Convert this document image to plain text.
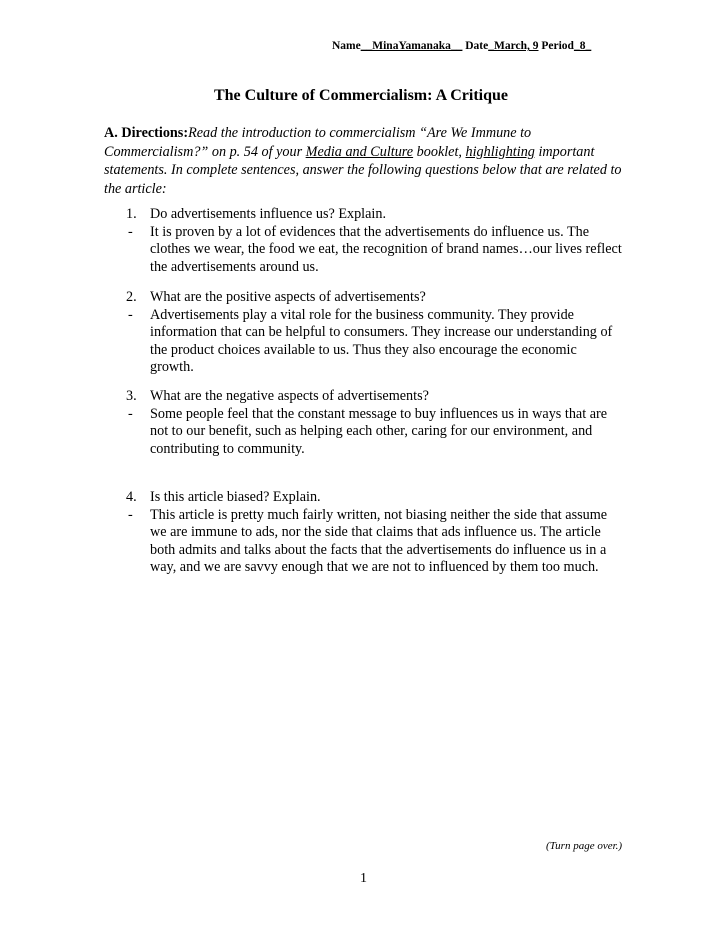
Name__MinaYamanaka__ Date_March, 9 Period_8_
The Culture of Commercialism: A Critique
A. Directions:Read the introduction to commercialism “Are We Immune to Commercialism?” on p. 54 of your Media and Culture booklet, highlighting important statements. In complete sentences, answer the following questions below that are related to the article:
1. Do advertisements influence us? Explain.
- It is proven by a lot of evidences that the advertisements do influence us. The clothes we wear, the food we eat, the recognition of brand names…our lives reflect the advertisements around us.
2. What are the positive aspects of advertisements?
- Advertisements play a vital role for the business community. They provide information that can be helpful to consumers. They increase our understanding of the product choices available to us. Thus they also encourage the economic growth.
3. What are the negative aspects of advertisements?
- Some people feel that the constant message to buy influences us in ways that are not to our benefit, such as helping each other, caring for our environment, and contributing to community.
4. Is this article biased? Explain.
- This article is pretty much fairly written, not biasing neither the side that assume we are immune to ads, nor the side that claims that ads influence us. The article both admits and talks about the facts that the advertisements do influence us in a way, and we are savvy enough that we are not to influenced by them too much.
(Turn page over.)
1
